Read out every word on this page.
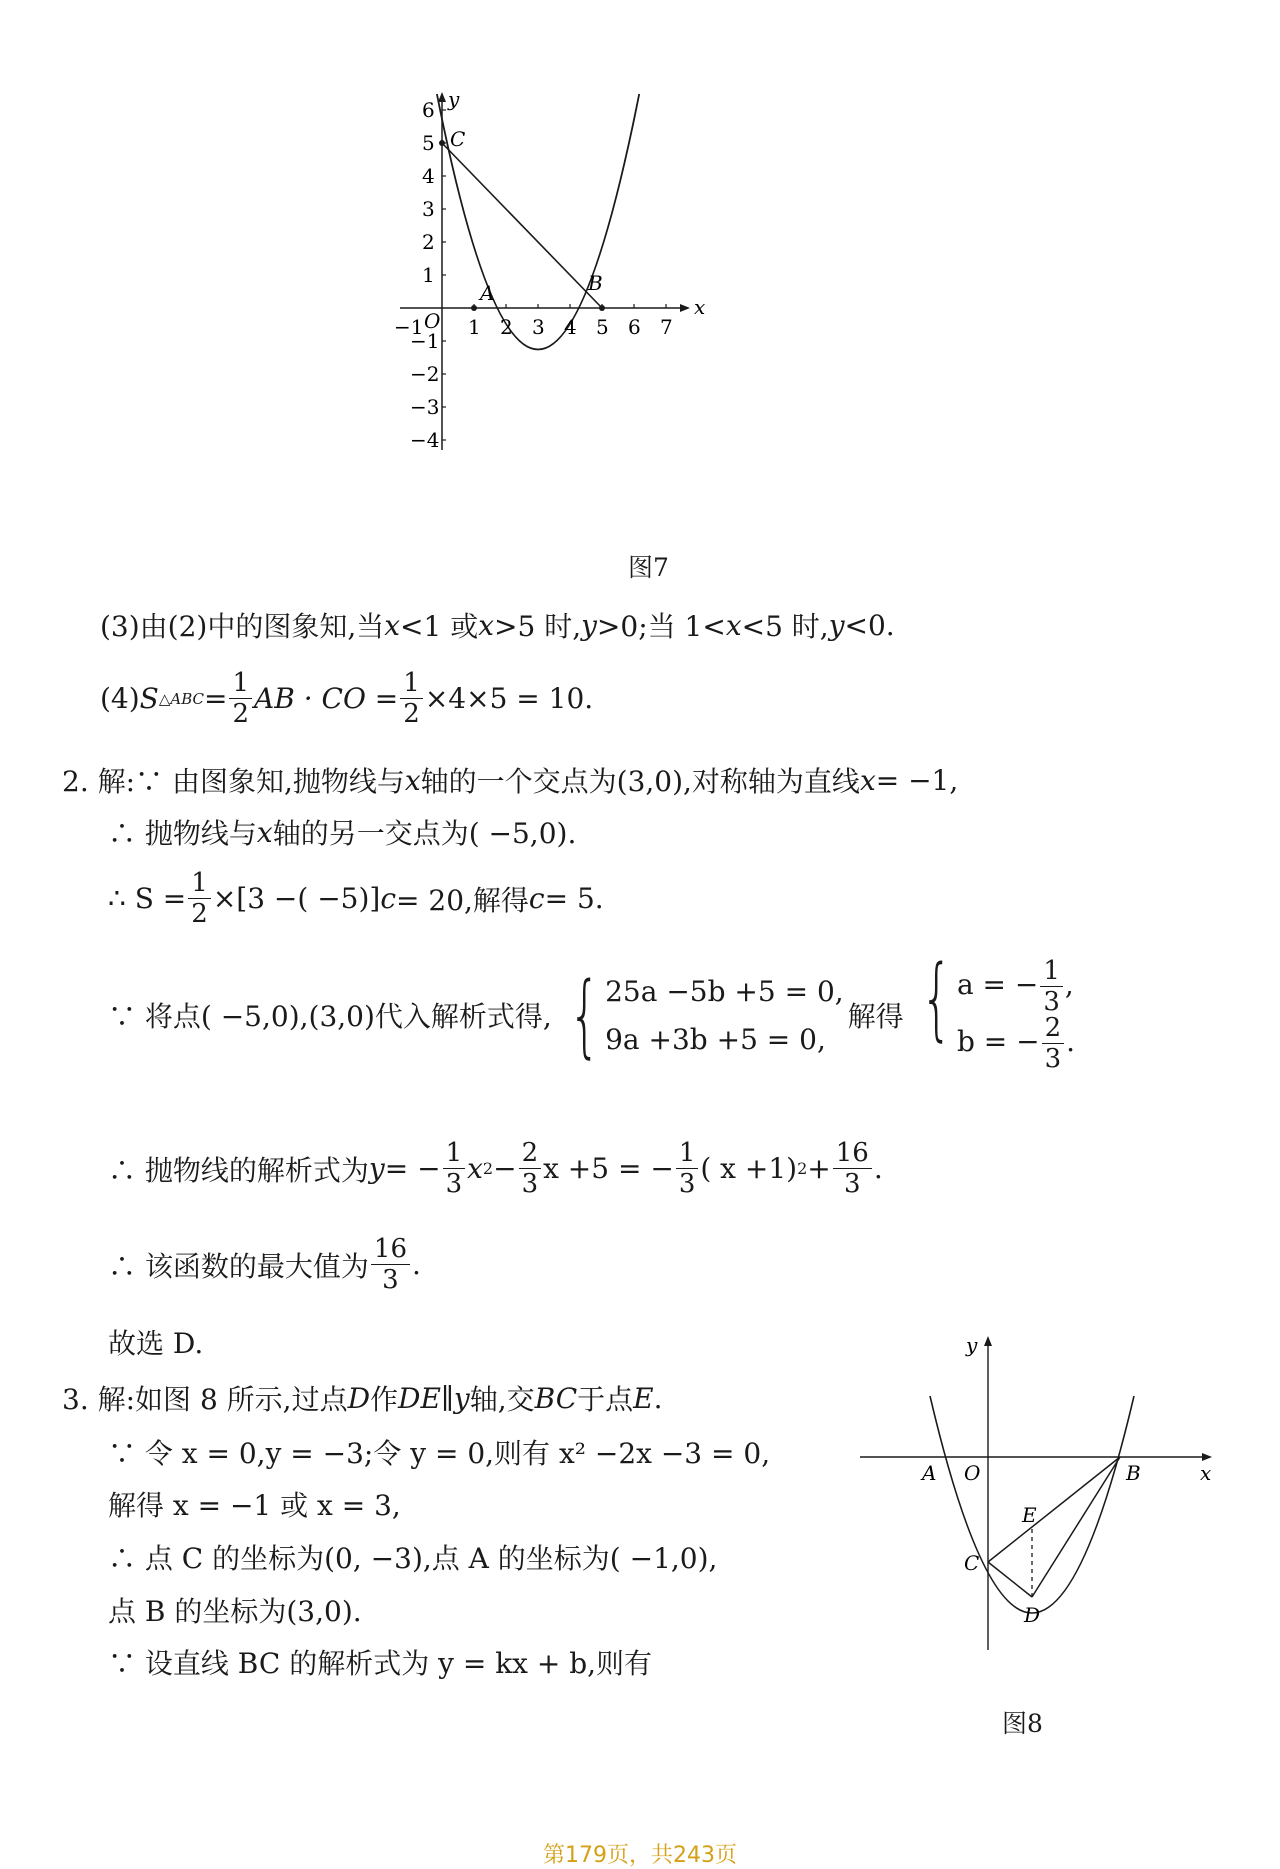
x
y
O
A	B
C
−1 1 2 3 4 5 6 7
6
5
4
3
2
1
−1
−2
−3
−4
图7
(3)由(2)中的图象知,当 x <1 或 x >5 时, y >0;当 1< x <5 时, y <0.
(4) S △ABC = $\frac{1}{2}$ AB · CO = $\frac{1}{2} \times 4\times 5 = 10$.
2. 解:∵ 由图象知,抛物线与 x 轴的一个交点为(3,0),对称轴为直线 x = −1,
∴ 抛物线与 x 轴的另一交点为( −5,0).
∴ $S = \frac{1}{2} \times[3$ −( −5)] c = 20,解得 c = 5.
∵ 将点( −5,0),(3,0)代入解析式得, { 25a −5b +5 = 0,
9a +3b +5 = 0,
解得 { a = − $\frac{1}{3}$ ,
b = − $\frac{2}{3}$ .
∴ 抛物线的解析式为 y = − $\frac{1}{3}$ x $2 - \frac{2}{3}$ x +5 = − $\frac{1}{3}$ ( x +1) $2 + \frac{16}{3}$ .
∴ 该函数的最大值为 $\frac{16}{3}$ .
故选 D.
3. 解:如图 8 所示,过点 D 作 DE ∥ y 轴,交 BC 于点 E .
∵ 令 x = 0,y = −3;令 y = 0,则有 x² −2x −3 = 0,
解得 x = −1 或 x = 3,
∴ 点 C 的坐标为(0, −3),点 A 的坐标为( −1,0),
点 B 的坐标为(3,0).
∵ 设直线 BC 的解析式为 y = kx + b,则有
x
y
O
A	B
C
D
E
图8
第179页，共243页
